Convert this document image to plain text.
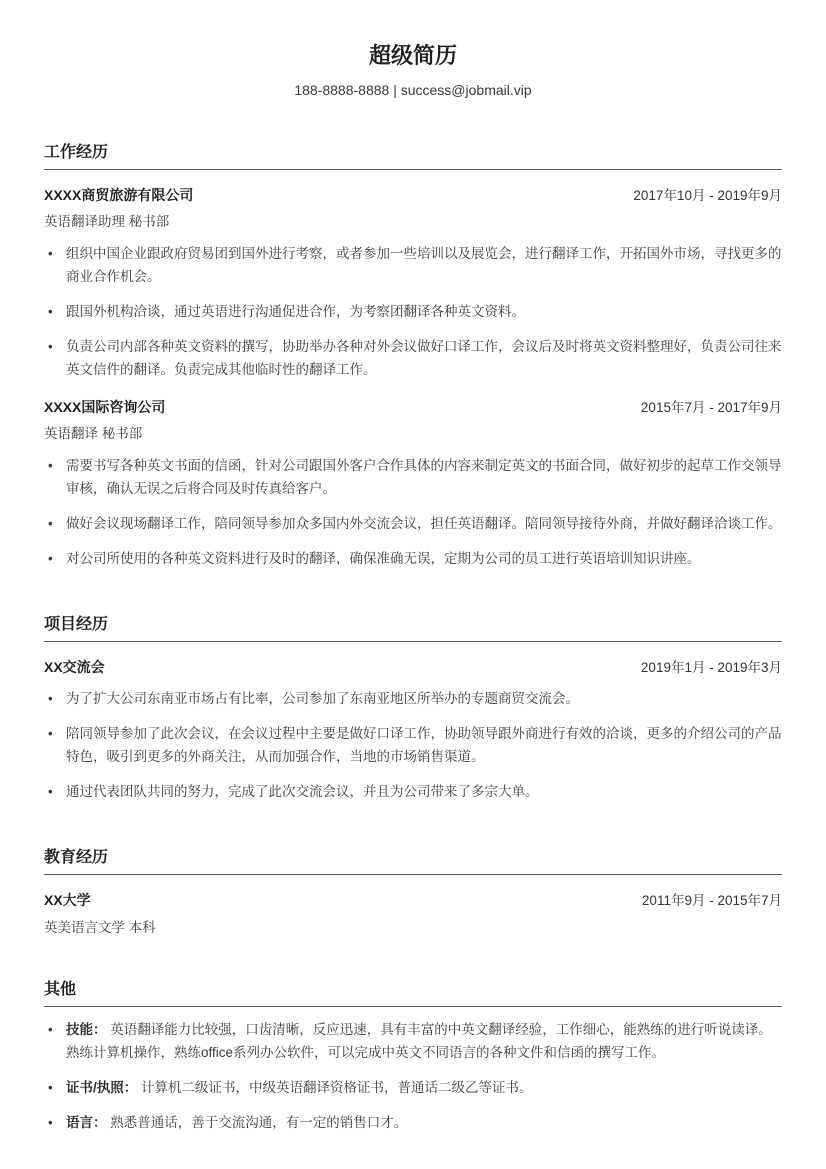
超级简历
188-8888-8888 | success@jobmail.vip
工作经历
XXXX商贸旅游有限公司	2017年10月 - 2019年9月
英语翻译助理 秘书部
• 组织中国企业跟政府贸易团到国外进行考察，或者参加一些培训以及展览会，进行翻译工作，开拓国外市场，寻找更多的商业合作机会。
• 跟国外机构洽谈，通过英语进行沟通促进合作，为考察团翻译各种英文资料。
• 负责公司内部各种英文资料的撰写，协助举办各种对外会议做好口译工作，会议后及时将英文资料整理好，负责公司往来英文信件的翻译。负责完成其他临时性的翻译工作。
XXXX国际咨询公司	2015年7月 - 2017年9月
英语翻译 秘书部
• 需要书写各种英文书面的信函，针对公司跟国外客户合作具体的内容来制定英文的书面合同，做好初步的起草工作交领导审核，确认无误之后将合同及时传真给客户。
• 做好会议现场翻译工作，陪同领导参加众多国内外交流会议，担任英语翻译。陪同领导接待外商，并做好翻译洽谈工作。
• 对公司所使用的各种英文资料进行及时的翻译，确保准确无误，定期为公司的员工进行英语培训知识讲座。
项目经历
XX交流会	2019年1月 - 2019年3月
• 为了扩大公司东南亚市场占有比率，公司参加了东南亚地区所举办的专题商贸交流会。
• 陪同领导参加了此次会议，在会议过程中主要是做好口译工作，协助领导跟外商进行有效的洽谈，更多的介绍公司的产品特色，吸引到更多的外商关注，从而加强合作，当地的市场销售渠道。
• 通过代表团队共同的努力，完成了此次交流会议，并且为公司带来了多宗大单。
教育经历
XX大学	2011年9月 - 2015年7月
英美语言文学 本科
其他
• 技能： 英语翻译能力比较强，口齿清晰，反应迅速，具有丰富的中英文翻译经验，工作细心，能熟练的进行听说读译。 熟练计算机操作，熟练office系列办公软件，可以完成中英文不同语言的各种文件和信函的撰写工作。
• 证书/执照： 计算机二级证书，中级英语翻译资格证书，普通话二级乙等证书。
• 语言： 熟悉普通话，善于交流沟通，有一定的销售口才。
